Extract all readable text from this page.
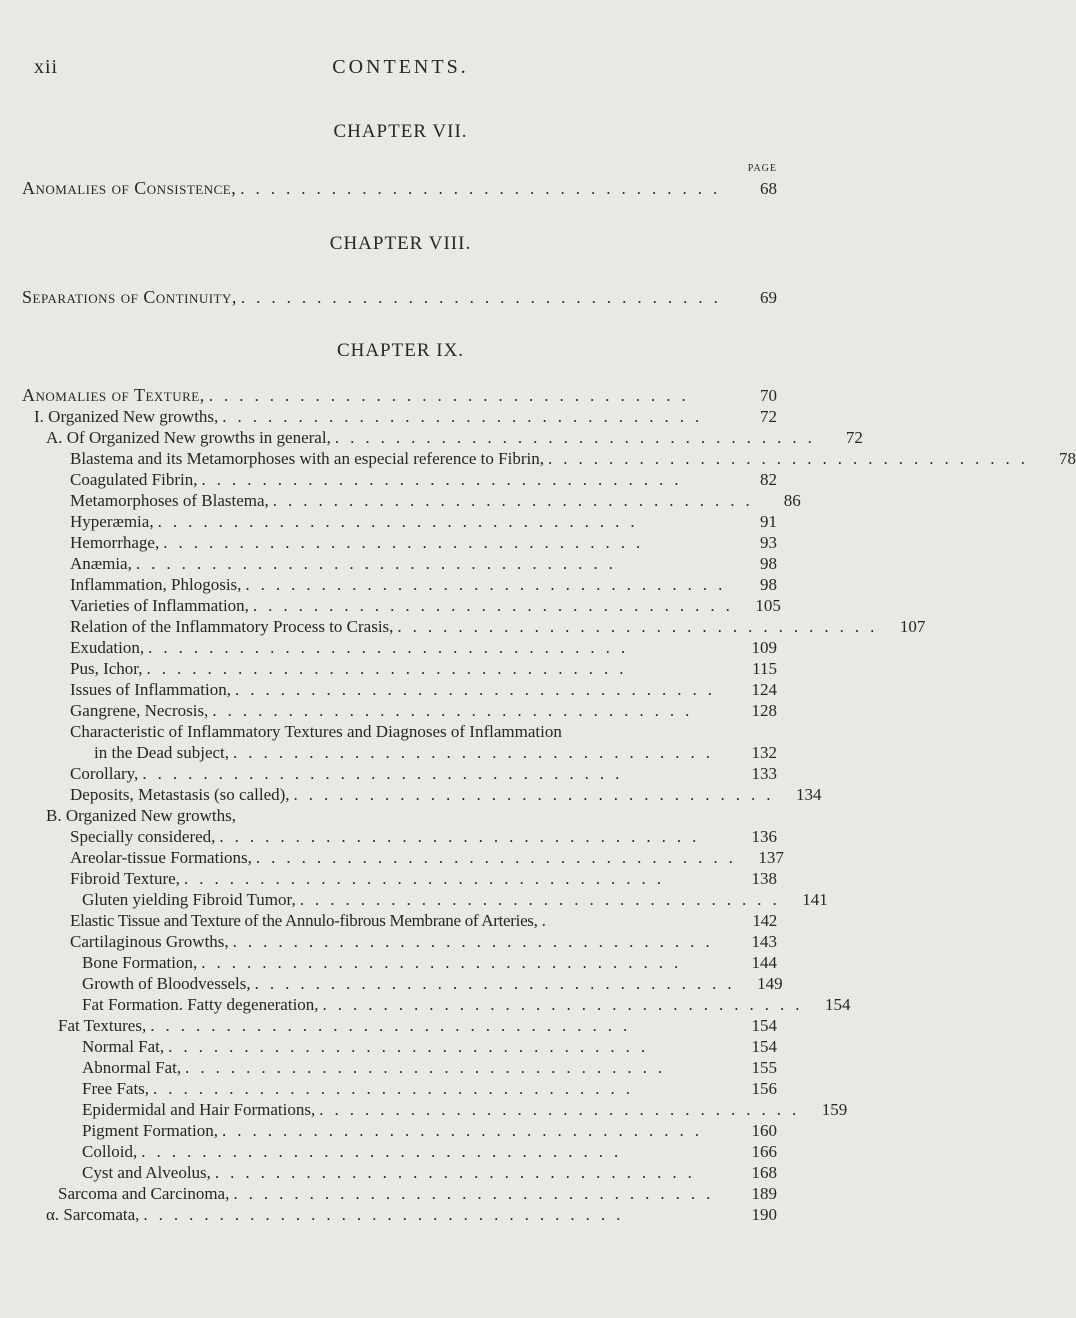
xii	CONTENTS.
CHAPTER VII.
PAGE
Anomalies of Consistence, ................................	68
CHAPTER VIII.
Separations of Continuity, ................................	69
CHAPTER IX.
Anomalies of Texture, ................................	70
I. Organized New growths, ................................	72
A. Of Organized New growths in general, ................................	72
Blastema and its Metamorphoses with an especial reference to Fibrin, ................................	78
Coagulated Fibrin, ................................	82
Metamorphoses of Blastema, ................................	86
Hyperæmia, ................................	91
Hemorrhage, ................................	93
Anæmia, ................................	98
Inflammation, Phlogosis, ................................	98
Varieties of Inflammation, ................................ 105
Relation of the Inflammatory Process to Crasis, ................................ 107
Exudation, ................................	109
Pus, Ichor, ................................	115
Issues of Inflammation, ................................	124
Gangrene, Necrosis, ................................	128
Characteristic of Inflammatory Textures and Diagnoses of Inflammation
in the Dead subject, ................................	132
Corollary, ................................	133
Deposits, Metastasis (so called), ................................ 134
B. Organized New growths,
Specially considered, ................................	136
Areolar-tissue Formations, ................................ 137
Fibroid Texture, ................................	138
Gluten yielding Fibroid Tumor, ................................ 141
Elastic Tissue and Texture of the Annulo-fibrous Membrane of Arteries, .	142
Cartilaginous Growths, ................................	143
Bone Formation, ................................	144
Growth of Bloodvessels, ................................ 149
Fat Formation. Fatty degeneration, ................................ 154
Fat Textures, ................................	154
Normal Fat, ................................	154
Abnormal Fat, ................................	155
Free Fats, ................................	156
Epidermidal and Hair Formations, ................................ 159
Pigment Formation, ................................	160
Colloid, ................................	166
Cyst and Alveolus, ................................	168
Sarcoma and Carcinoma, ................................	189
α. Sarcomata, ................................	190
